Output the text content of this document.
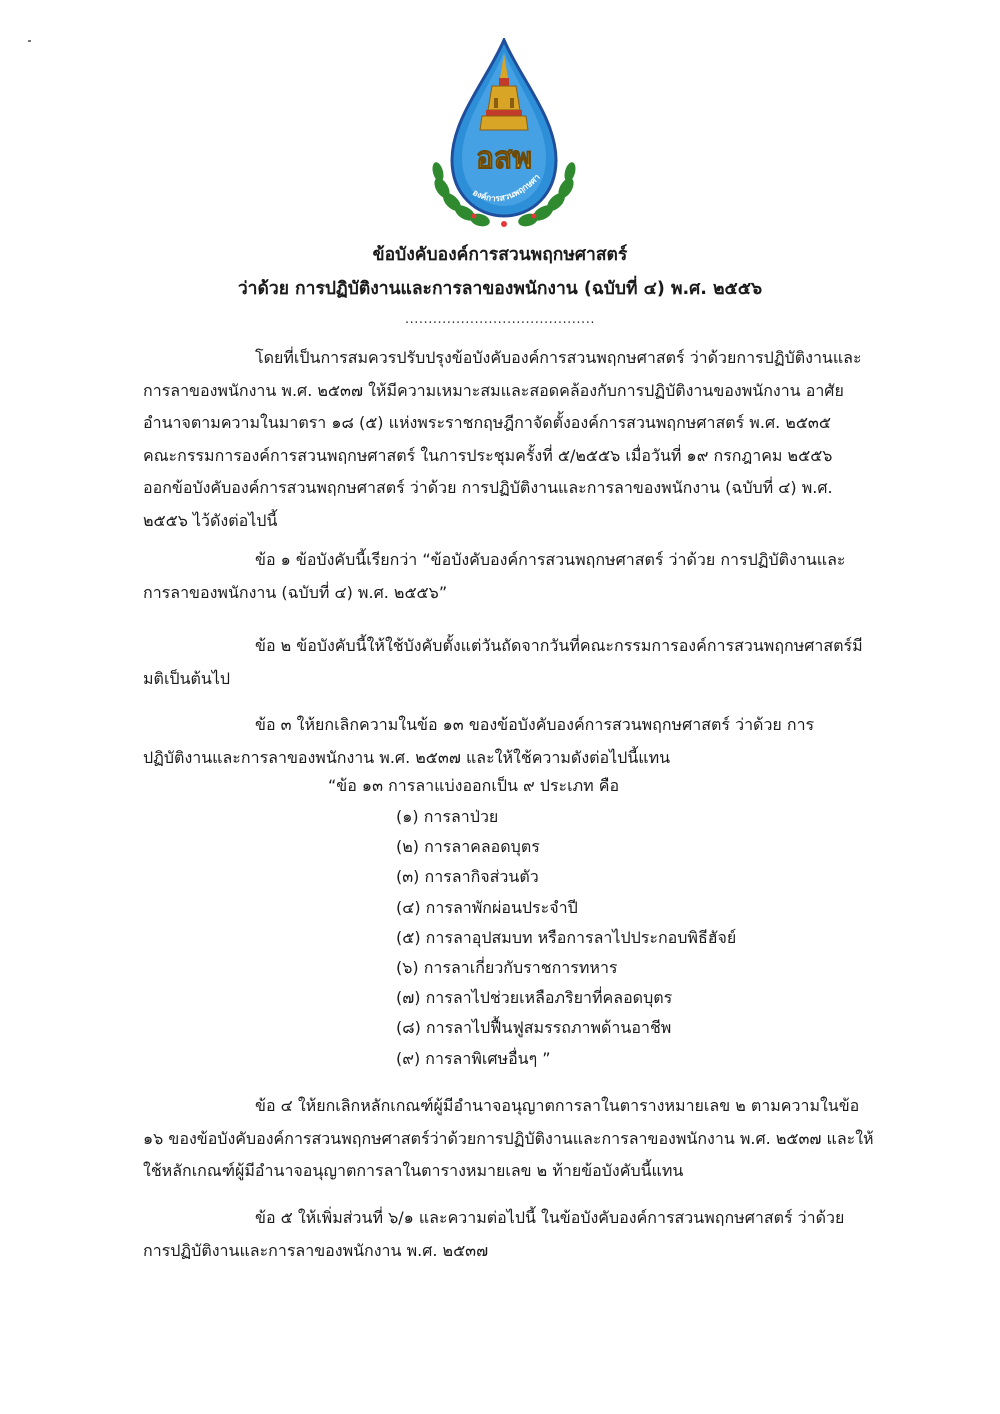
อสพ
องค์การสวนพฤกษศา
ข้อบังคับองค์การสวนพฤกษศาสตร์
ว่าด้วย การปฏิบัติงานและการลาของพนักงาน (ฉบับที่ ๔) พ.ศ. ๒๕๕๖
.........................................
โดยที่เป็นการสมควรปรับปรุงข้อบังคับองค์การสวนพฤกษศาสตร์ ว่าด้วยการปฏิบัติงานและ
การลาของพนักงาน พ.ศ. ๒๕๓๗ ให้มีความเหมาะสมและสอดคล้องกับการปฏิบัติงานของพนักงาน อาศัย
อำนาจตามความในมาตรา ๑๘ (๕) แห่งพระราชกฤษฎีกาจัดตั้งองค์การสวนพฤกษศาสตร์ พ.ศ. ๒๕๓๕
คณะกรรมการองค์การสวนพฤกษศาสตร์ ในการประชุมครั้งที่ ๕/๒๕๕๖ เมื่อวันที่ ๑๙ กรกฎาคม ๒๕๕๖
ออกข้อบังคับองค์การสวนพฤกษศาสตร์ ว่าด้วย การปฏิบัติงานและการลาของพนักงาน (ฉบับที่ ๔) พ.ศ.
๒๕๕๖ ไว้ดังต่อไปนี้
ข้อ ๑ ข้อบังคับนี้เรียกว่า “ข้อบังคับองค์การสวนพฤกษศาสตร์ ว่าด้วย การปฏิบัติงานและ
การลาของพนักงาน (ฉบับที่ ๔) พ.ศ. ๒๕๕๖”
ข้อ ๒ ข้อบังคับนี้ให้ใช้บังคับตั้งแต่วันถัดจากวันที่คณะกรรมการองค์การสวนพฤกษศาสตร์มี
มติเป็นต้นไป
ข้อ ๓ ให้ยกเลิกความในข้อ ๑๓ ของข้อบังคับองค์การสวนพฤกษศาสตร์ ว่าด้วย การ
ปฏิบัติงานและการลาของพนักงาน พ.ศ. ๒๕๓๗ และให้ใช้ความดังต่อไปนี้แทน
“ข้อ ๑๓ การลาแบ่งออกเป็น ๙ ประเภท คือ
(๑) การลาป่วย
(๒) การลาคลอดบุตร
(๓) การลากิจส่วนตัว
(๔) การลาพักผ่อนประจำปี
(๕) การลาอุปสมบท หรือการลาไปประกอบพิธีฮัจย์
(๖) การลาเกี่ยวกับราชการทหาร
(๗) การลาไปช่วยเหลือภริยาที่คลอดบุตร
(๘) การลาไปฟื้นฟูสมรรถภาพด้านอาชีพ
(๙) การลาพิเศษอื่นๆ ”
ข้อ ๔ ให้ยกเลิกหลักเกณฑ์ผู้มีอำนาจอนุญาตการลาในตารางหมายเลข ๒ ตามความในข้อ
๑๖ ของข้อบังคับองค์การสวนพฤกษศาสตร์ว่าด้วยการปฏิบัติงานและการลาของพนักงาน พ.ศ. ๒๕๓๗ และให้
ใช้หลักเกณฑ์ผู้มีอำนาจอนุญาตการลาในตารางหมายเลข ๒ ท้ายข้อบังคับนี้แทน
ข้อ ๕ ให้เพิ่มส่วนที่ ๖/๑ และความต่อไปนี้ ในข้อบังคับองค์การสวนพฤกษศาสตร์ ว่าด้วย
การปฏิบัติงานและการลาของพนักงาน พ.ศ. ๒๕๓๗
